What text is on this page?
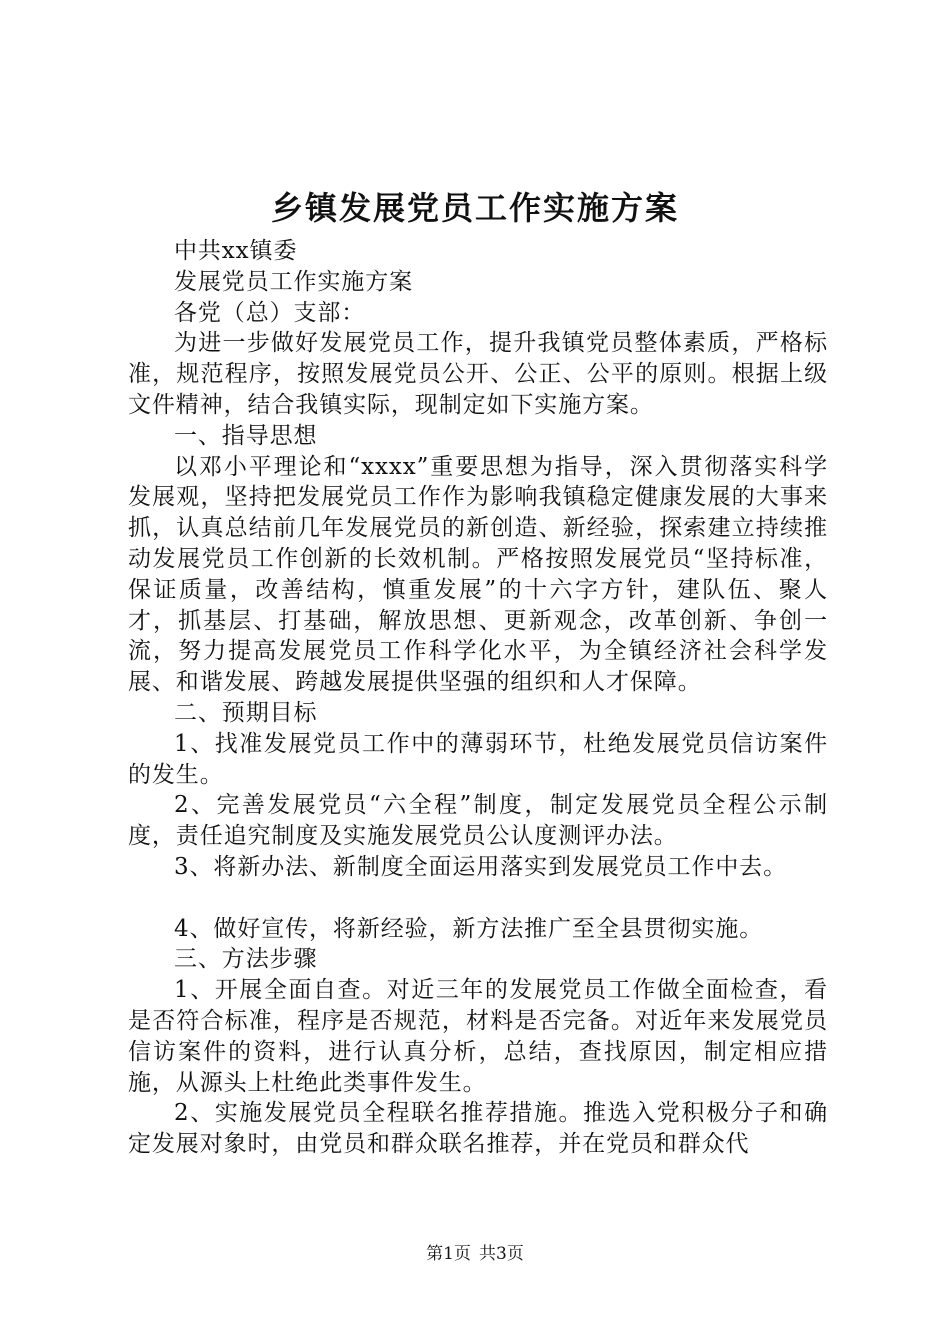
乡镇发展党员工作实施方案

中共xx镇委

发展党员工作实施方案

各党（总）支部：

为进一步做好发展党员工作，提升我镇党员整体素质，严格标准，规范程序，按照发展党员公开、公正、公平的原则。根据上级文件精神，结合我镇实际，现制定如下实施方案。

一、指导思想

以邓小平理论和“xxxx”重要思想为指导，深入贯彻落实科学发展观，坚持把发展党员工作作为影响我镇稳定健康发展的大事来抓，认真总结前几年发展党员的新创造、新经验，探索建立持续推动发展党员工作创新的长效机制。严格按照发展党员“坚持标准，保证质量，改善结构，慎重发展”的十六字方针，建队伍、聚人才，抓基层、打基础，解放思想、更新观念，改革创新、争创一流，努力提高发展党员工作科学化水平，为全镇经济社会科学发展、和谐发展、跨越发展提供坚强的组织和人才保障。

二、预期目标

1、找准发展党员工作中的薄弱环节，杜绝发展党员信访案件的发生。

2、完善发展党员“六全程”制度，制定发展党员全程公示制度，责任追究制度及实施发展党员公认度测评办法。

3、将新办法、新制度全面运用落实到发展党员工作中去。

4、做好宣传，将新经验，新方法推广至全县贯彻实施。

三、方法步骤

1、开展全面自查。对近三年的发展党员工作做全面检查，看是否符合标准，程序是否规范，材料是否完备。对近年来发展党员信访案件的资料，进行认真分析，总结，查找原因，制定相应措施，从源头上杜绝此类事件发生。

2、实施发展党员全程联名推荐措施。推选入党积极分子和确定发展对象时，由党员和群众联名推荐，并在党员和群众代

第1页 共3页
